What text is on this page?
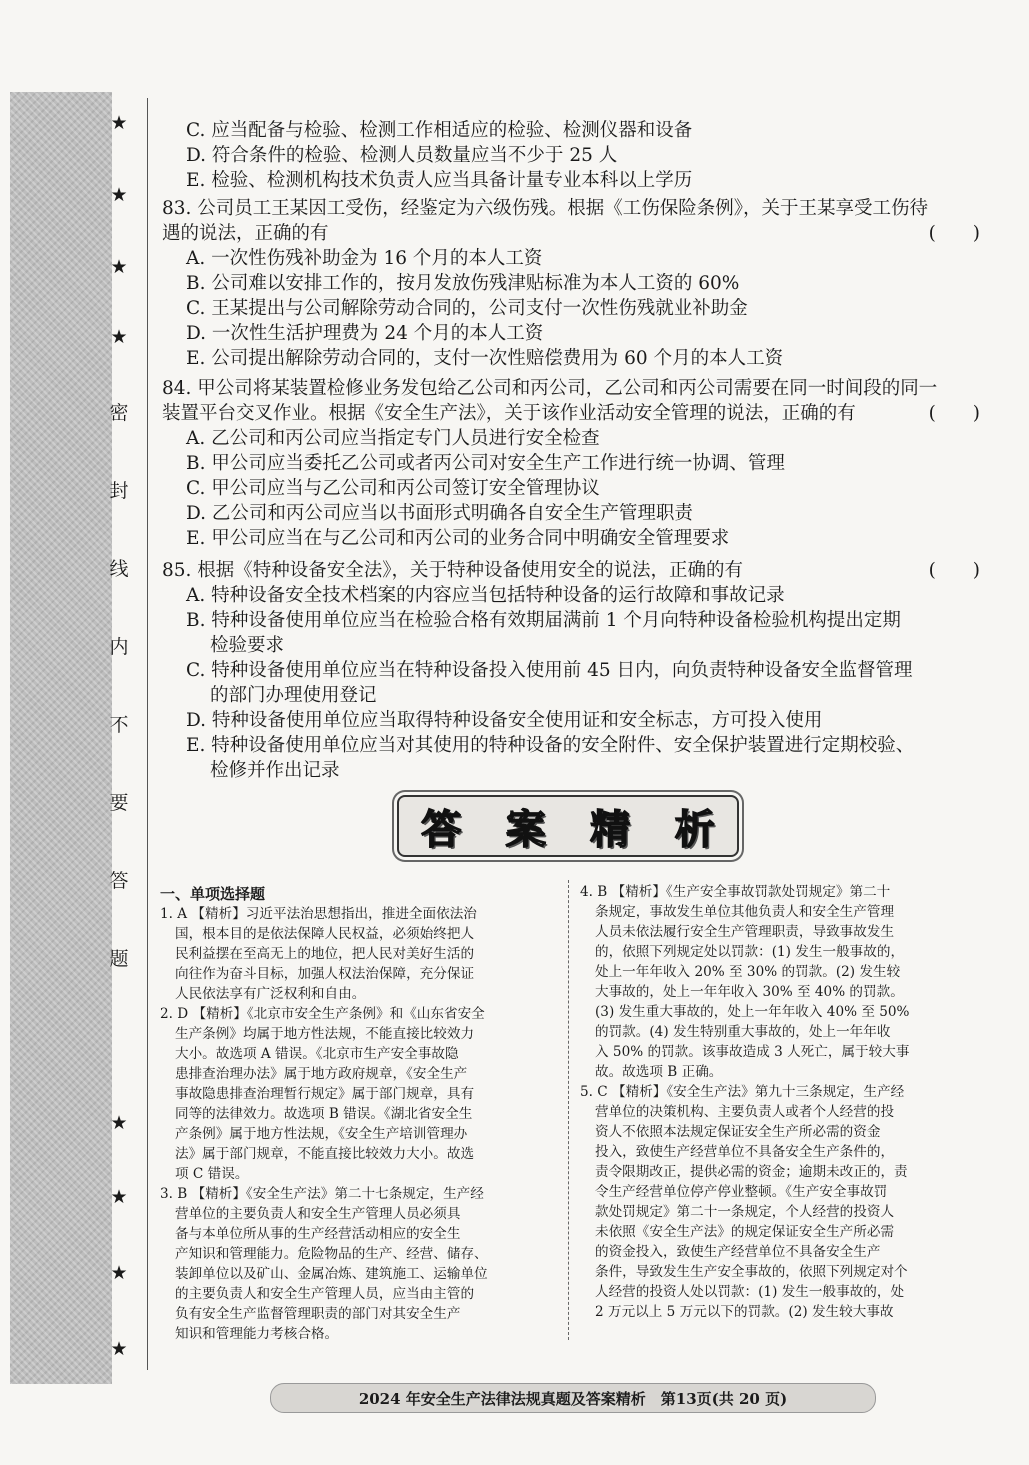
★
★
★
★
密
封
线
内
不
要
答
题
★
★
★
★
C. 应当配备与检验、检测工作相适应的检验、检测仪器和设备
D. 符合条件的检验、检测人员数量应当不少于 25 人
E. 检验、检测机构技术负责人应当具备计量专业本科以上学历
83. 公司员工王某因工受伤，经鉴定为六级伤残。根据《工伤保险条例》，关于王某享受工伤待
遇的说法，正确的有	(　　)
A. 一次性伤残补助金为 16 个月的本人工资
B. 公司难以安排工作的，按月发放伤残津贴标准为本人工资的 60%
C. 王某提出与公司解除劳动合同的，公司支付一次性伤残就业补助金
D. 一次性生活护理费为 24 个月的本人工资
E. 公司提出解除劳动合同的，支付一次性赔偿费用为 60 个月的本人工资
84. 甲公司将某装置检修业务发包给乙公司和丙公司，乙公司和丙公司需要在同一时间段的同一
装置平台交叉作业。根据《安全生产法》，关于该作业活动安全管理的说法，正确的有	(　　)
A. 乙公司和丙公司应当指定专门人员进行安全检查
B. 甲公司应当委托乙公司或者丙公司对安全生产工作进行统一协调、管理
C. 甲公司应当与乙公司和丙公司签订安全管理协议
D. 乙公司和丙公司应当以书面形式明确各自安全生产管理职责
E. 甲公司应当在与乙公司和丙公司的业务合同中明确安全管理要求
85. 根据《特种设备安全法》，关于特种设备使用安全的说法，正确的有	(　　)
A. 特种设备安全技术档案的内容应当包括特种设备的运行故障和事故记录
B. 特种设备使用单位应当在检验合格有效期届满前 1 个月向特种设备检验机构提出定期
检验要求
C. 特种设备使用单位应当在特种设备投入使用前 45 日内，向负责特种设备安全监督管理
的部门办理使用登记
D. 特种设备使用单位应当取得特种设备安全使用证和安全标志，方可投入使用
E. 特种设备使用单位应当对其使用的特种设备的安全附件、安全保护装置进行定期校验、
检修并作出记录
答 案 精 析
一、单项选择题
1. A 【精析】习近平法治思想指出，推进全面依法治
国，根本目的是依法保障人民权益，必须始终把人
民利益摆在至高无上的地位，把人民对美好生活的
向往作为奋斗目标，加强人权法治保障，充分保证
人民依法享有广泛权利和自由。
2. D 【精析】《北京市安全生产条例》和《山东省安全
生产条例》均属于地方性法规，不能直接比较效力
大小。故选项 A 错误。《北京市生产安全事故隐
患排查治理办法》属于地方政府规章，《安全生产
事故隐患排查治理暂行规定》属于部门规章，具有
同等的法律效力。故选项 B 错误。《湖北省安全生
产条例》属于地方性法规，《安全生产培训管理办
法》属于部门规章，不能直接比较效力大小。故选
项 C 错误。
3. B 【精析】《安全生产法》第二十七条规定，生产经
营单位的主要负责人和安全生产管理人员必须具
备与本单位所从事的生产经营活动相应的安全生
产知识和管理能力。危险物品的生产、经营、储存、
装卸单位以及矿山、金属冶炼、建筑施工、运输单位
的主要负责人和安全生产管理人员，应当由主管的
负有安全生产监督管理职责的部门对其安全生产
知识和管理能力考核合格。
4. B 【精析】《生产安全事故罚款处罚规定》第二十
条规定，事故发生单位其他负责人和安全生产管理
人员未依法履行安全生产管理职责，导致事故发生
的，依照下列规定处以罚款：(1) 发生一般事故的，
处上一年年收入 20% 至 30% 的罚款。(2) 发生较
大事故的，处上一年年收入 30% 至 40% 的罚款。
(3) 发生重大事故的，处上一年年收入 40% 至 50%
的罚款。(4) 发生特别重大事故的，处上一年年收
入 50% 的罚款。该事故造成 3 人死亡，属于较大事
故。故选项 B 正确。
5. C 【精析】《安全生产法》第九十三条规定，生产经
营单位的决策机构、主要负责人或者个人经营的投
资人不依照本法规定保证安全生产所必需的资金
投入，致使生产经营单位不具备安全生产条件的，
责令限期改正，提供必需的资金；逾期未改正的，责
令生产经营单位停产停业整顿。《生产安全事故罚
款处罚规定》第二十一条规定，个人经营的投资人
未依照《安全生产法》的规定保证安全生产所必需
的资金投入，致使生产经营单位不具备安全生产
条件，导致发生生产安全事故的，依照下列规定对个
人经营的投资人处以罚款：(1) 发生一般事故的，处
2 万元以上 5 万元以下的罚款。(2) 发生较大事故
2024 年安全生产法律法规真题及答案精析　第13页(共 20 页)
